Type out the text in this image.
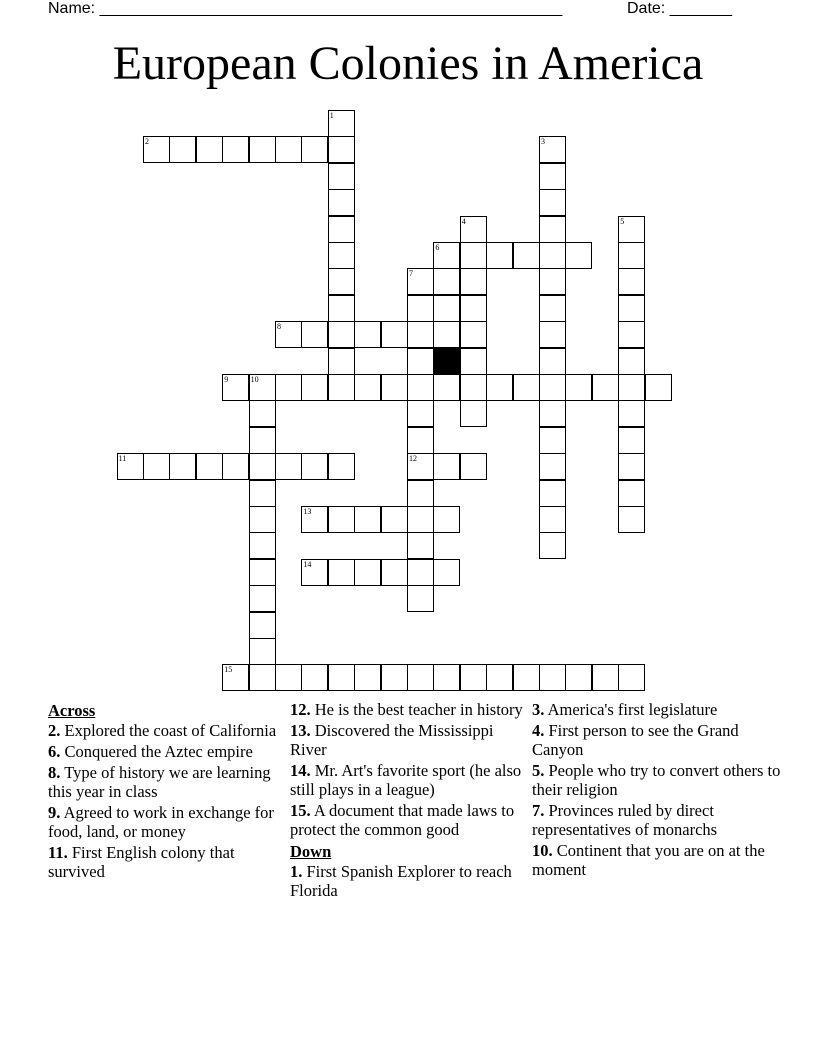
Name: ____________________________________________________	Date: _______
European Colonies in America
1
2	3
4	5
6
7
8
9	10
11	12
13
14
15
Across
2. Explored the coast of California
6. Conquered the Aztec empire
8. Type of history we are learning this year in class
9. Agreed to work in exchange for food, land, or money
11. First English colony that survived
12. He is the best teacher in history
13. Discovered the Mississippi River
14. Mr. Art's favorite sport (he also still plays in a league)
15. A document that made laws to protect the common good
Down
1. First Spanish Explorer to reach Florida
3. America's first legislature
4. First person to see the Grand Canyon
5. People who try to convert others to their religion
7. Provinces ruled by direct representatives of monarchs
10. Continent that you are on at the moment
